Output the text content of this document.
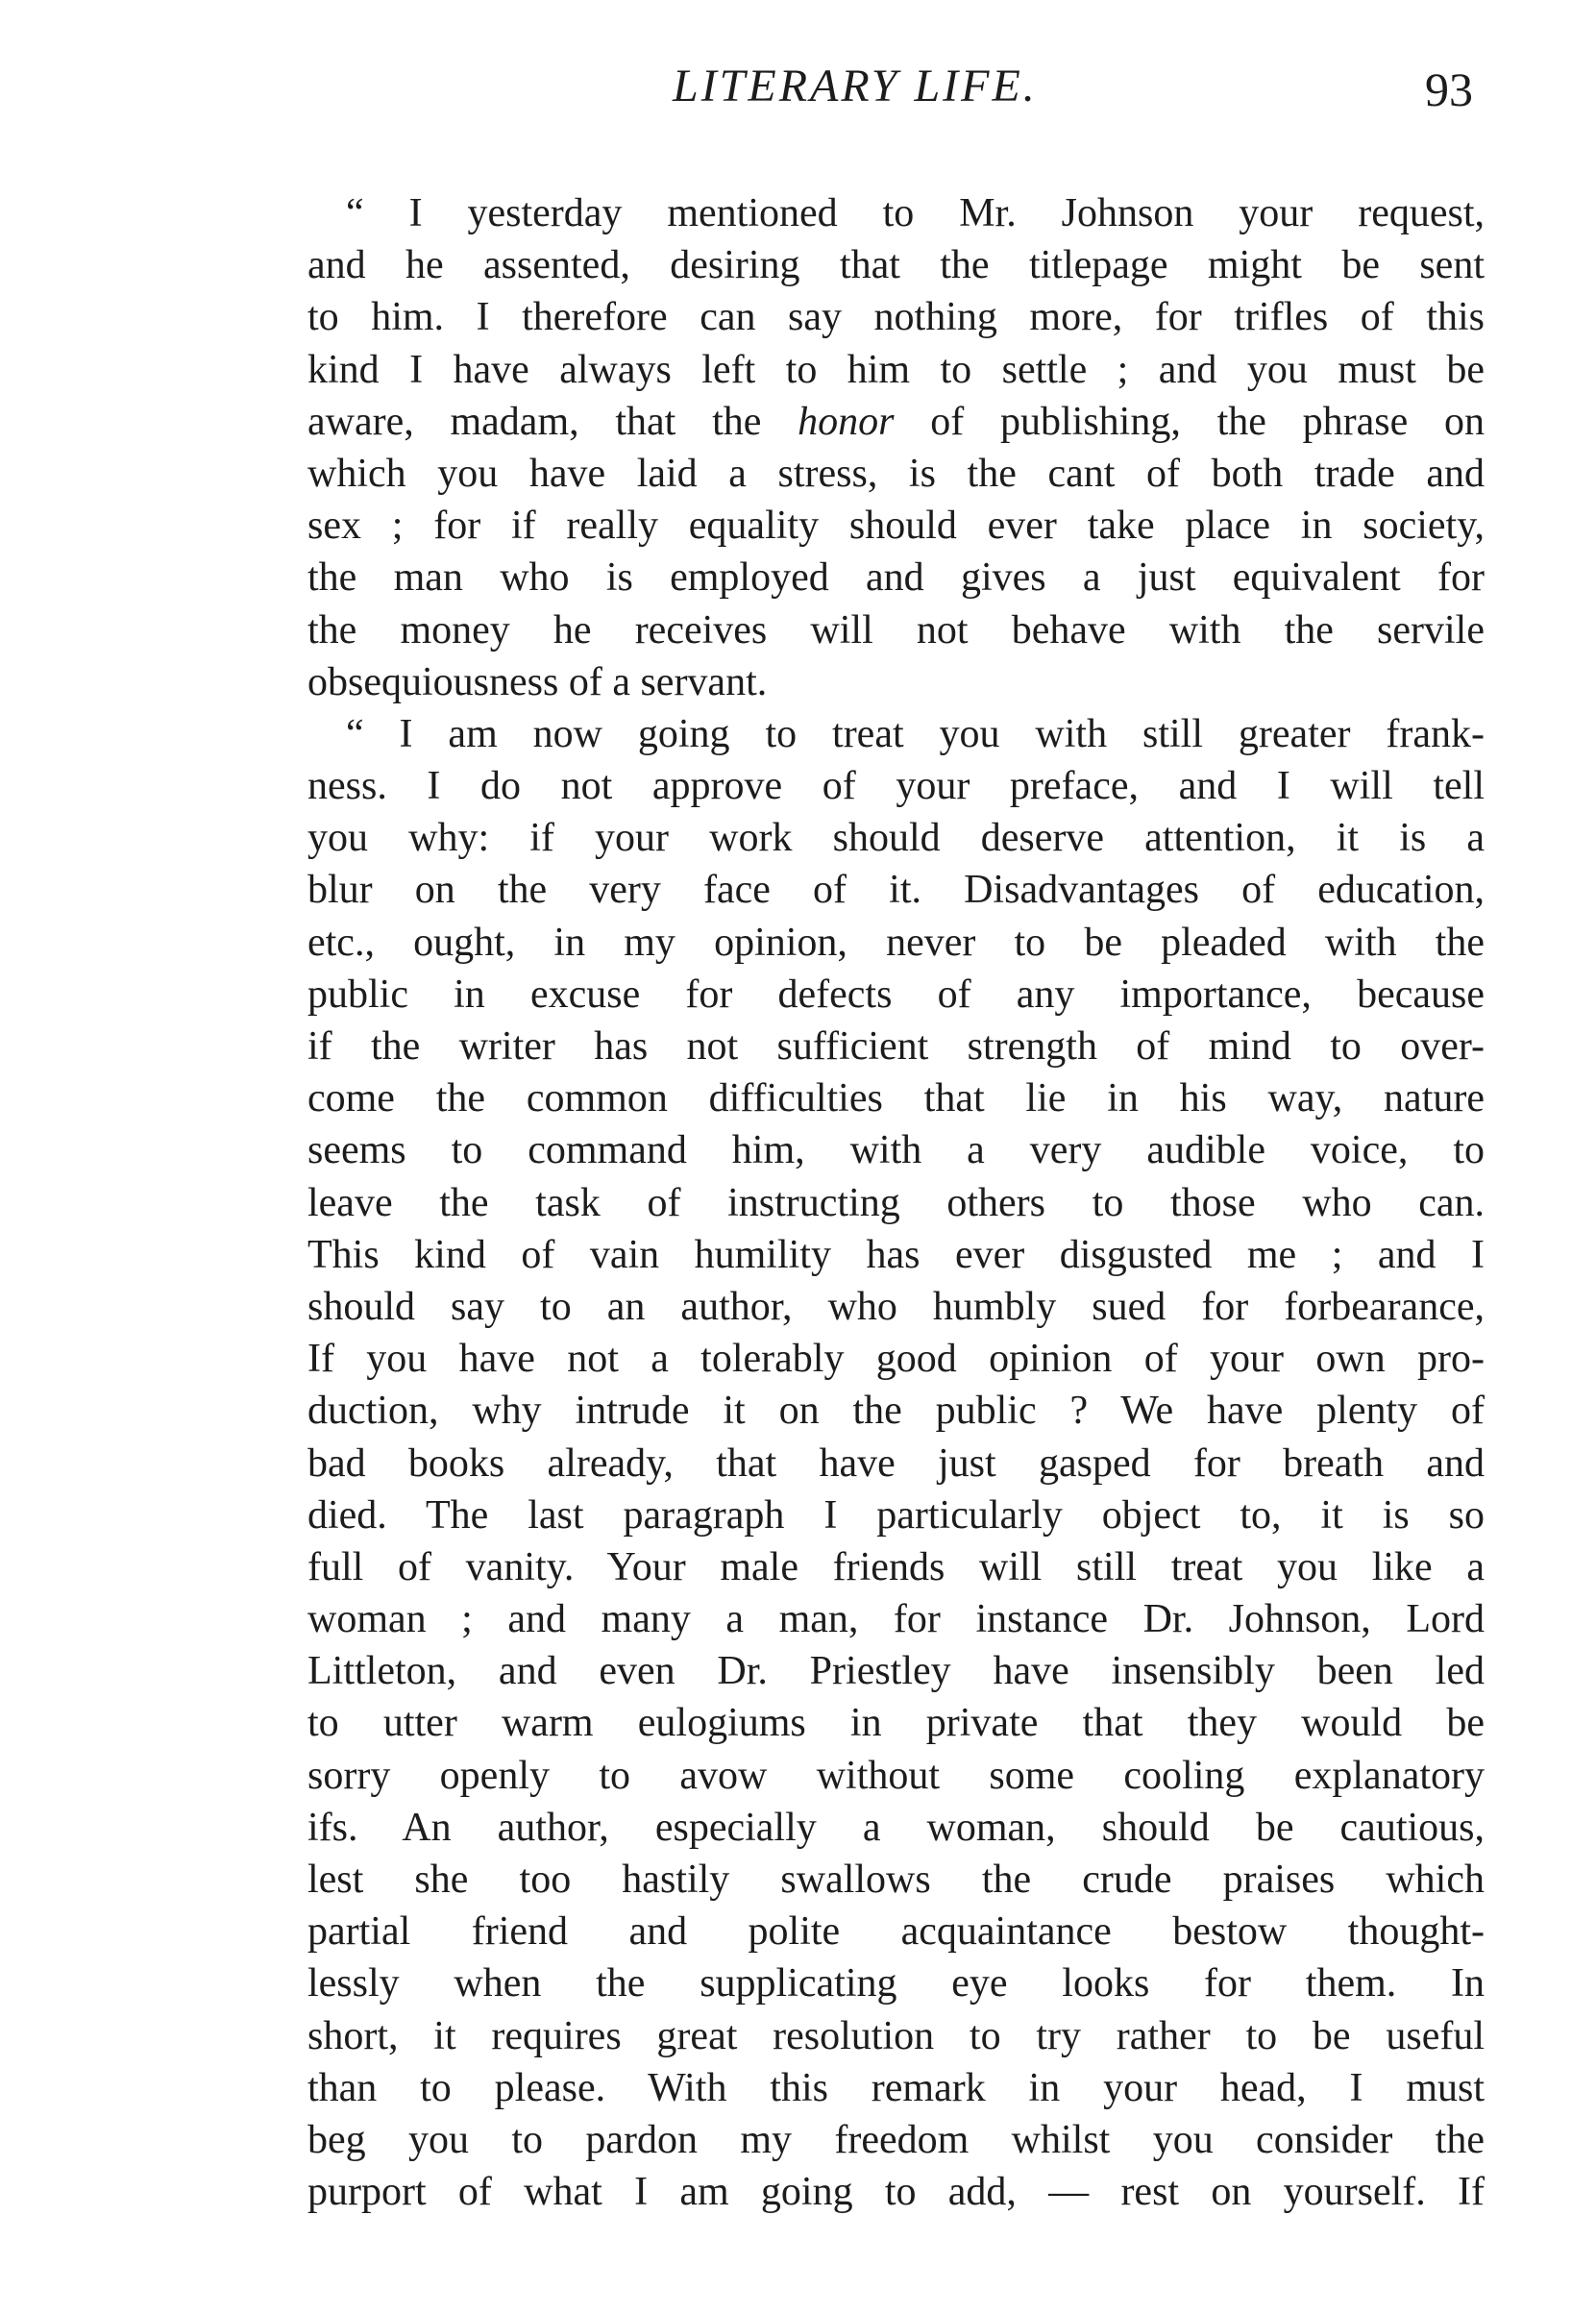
LITERARY LIFE.	93
“ I yesterday mentioned to Mr. Johnson your request,
and he assented, desiring that the titlepage might be sent
to him. I therefore can say nothing more, for trifles of this
kind I have always left to him to settle ; and you must be
aware, madam, that the honor of publishing, the phrase on
which you have laid a stress, is the cant of both trade and
sex ; for if really equality should ever take place in society,
the man who is employed and gives a just equivalent for
the money he receives will not behave with the servile
obsequiousness of a servant.
“ I am now going to treat you with still greater frank-
ness. I do not approve of your preface, and I will tell
you why: if your work should deserve attention, it is a
blur on the very face of it. Disadvantages of education,
etc., ought, in my opinion, never to be pleaded with the
public in excuse for defects of any importance, because
if the writer has not sufficient strength of mind to over-
come the common difficulties that lie in his way, nature
seems to command him, with a very audible voice, to
leave the task of instructing others to those who can.
This kind of vain humility has ever disgusted me ; and I
should say to an author, who humbly sued for forbearance,
If you have not a tolerably good opinion of your own pro-
duction, why intrude it on the public ? We have plenty of
bad books already, that have just gasped for breath and
died. The last paragraph I particularly object to, it is so
full of vanity. Your male friends will still treat you like a
woman ; and many a man, for instance Dr. Johnson, Lord
Littleton, and even Dr. Priestley have insensibly been led
to utter warm eulogiums in private that they would be
sorry openly to avow without some cooling explanatory
ifs. An author, especially a woman, should be cautious,
lest she too hastily swallows the crude praises which
partial friend and polite acquaintance bestow thought-
lessly when the supplicating eye looks for them. In
short, it requires great resolution to try rather to be useful
than to please. With this remark in your head, I must
beg you to pardon my freedom whilst you consider the
purport of what I am going to add, — rest on yourself. If
